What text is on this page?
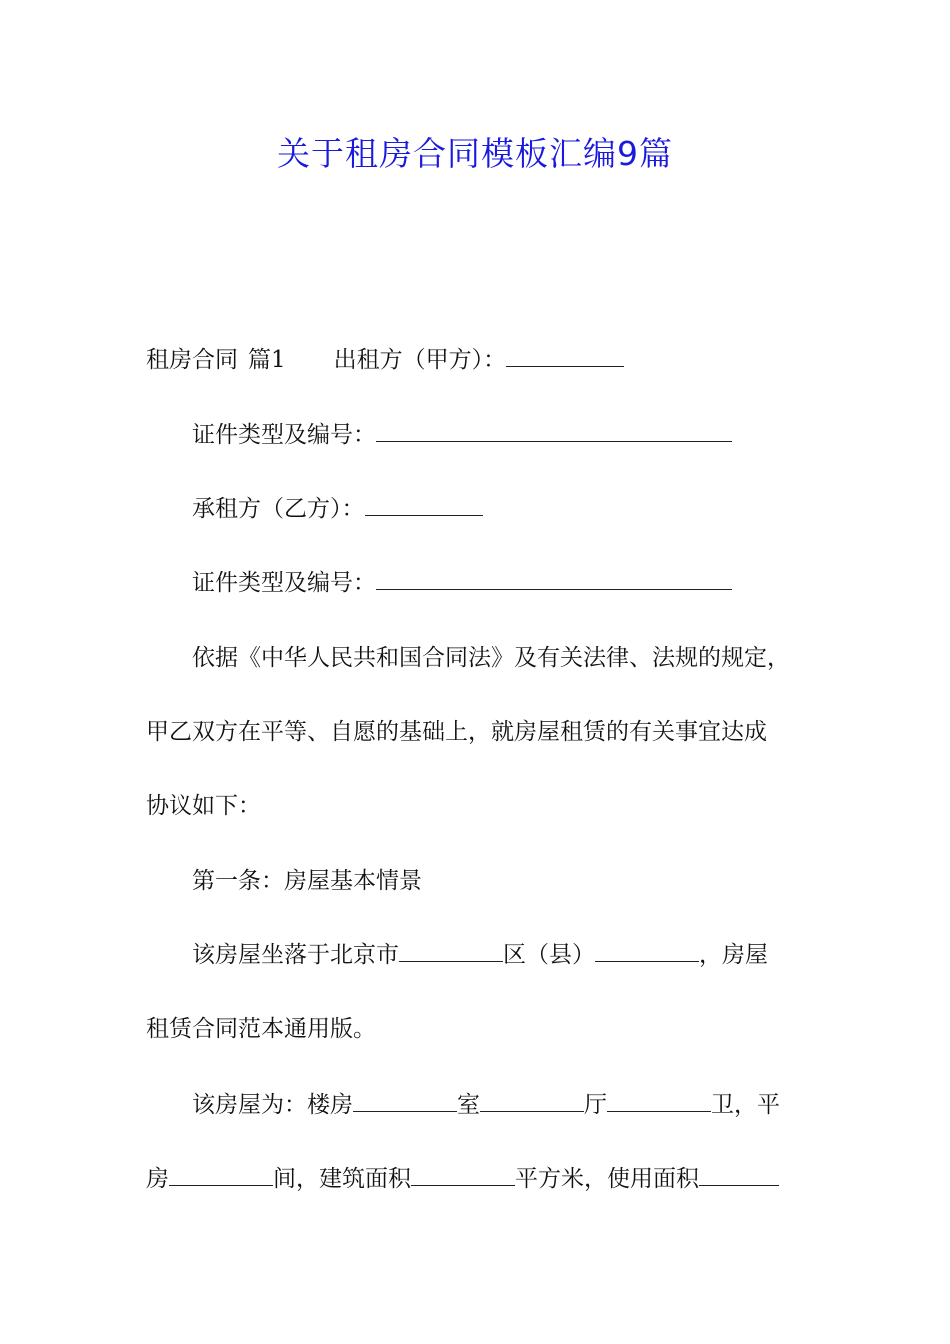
关于租房合同模板汇编9篇
租房合同 篇1 出租方（甲方）：
证件类型及编号：
承租方（乙方）：
证件类型及编号：
依据《中华人民共和国合同法》及有关法律、法规的规定，
甲乙双方在平等、自愿的基础上，就房屋租赁的有关事宜达成
协议如下：
第一条：房屋基本情景
该房屋坐落于北京市	区（县）	，房屋
租赁合同范本通用版。
该房屋为：楼房	室	厅	卫，平
房	间，建筑面积	平方米，使用面积
